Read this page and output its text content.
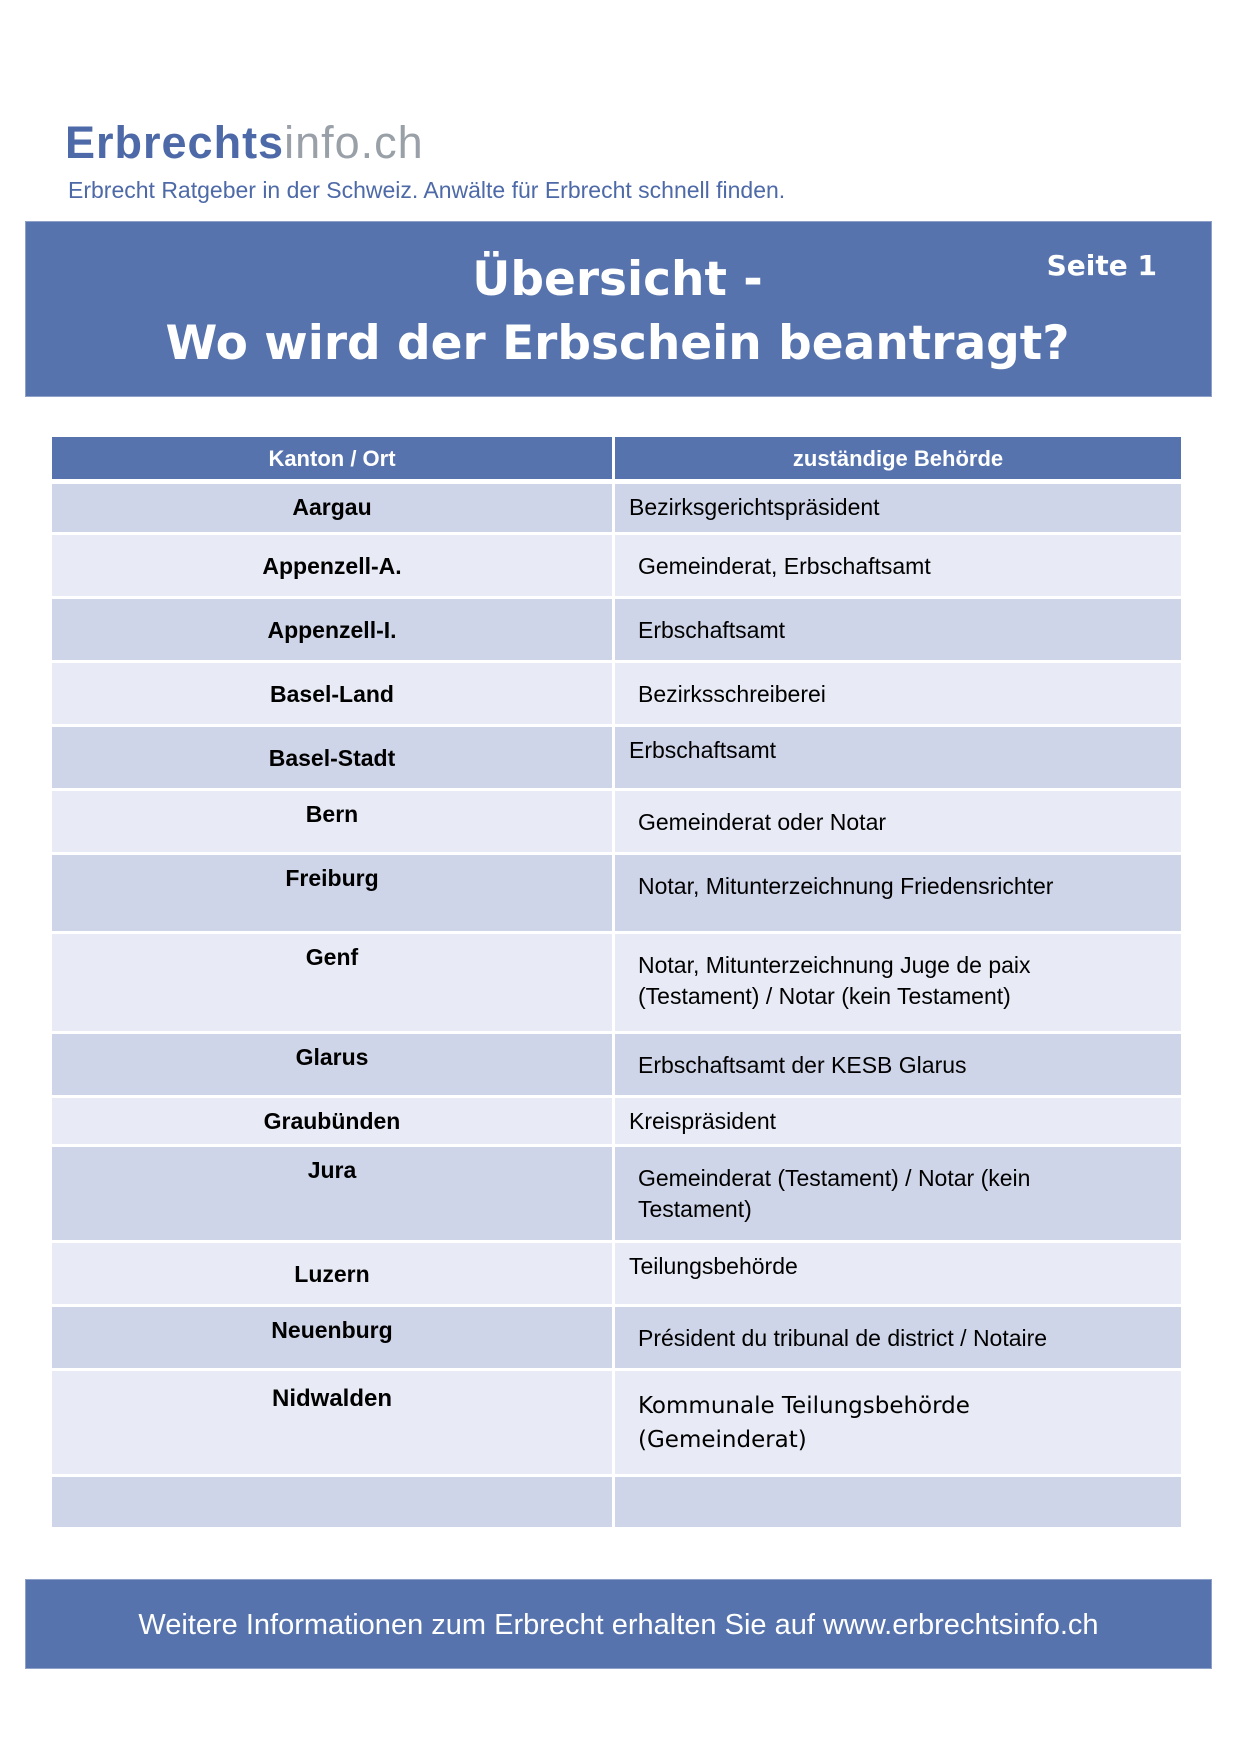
Erbrechtsinfo.ch
Erbrecht Ratgeber in der Schweiz. Anwälte für Erbrecht schnell finden.
Übersicht -
Wo wird der Erbschein beantragt?
Seite 1
Kanton / Ort	zuständige Behörde
Aargau	Bezirksgerichtspräsident
Appenzell-A.	Gemeinderat, Erbschaftsamt
Appenzell-I.	Erbschaftsamt
Basel-Land	Bezirksschreiberei
Basel-Stadt	Erbschaftsamt
Bern	Gemeinderat oder Notar
Freiburg	Notar, Mitunterzeichnung Friedensrichter
Genf	Notar, Mitunterzeichnung Juge de paix (Testament) / Notar (kein Testament)
Glarus	Erbschaftsamt der KESB Glarus
Graubünden	Kreispräsident
Jura	Gemeinderat (Testament) / Notar (kein Testament)
Luzern	Teilungsbehörde
Neuenburg	Président du tribunal de district / Notaire
Nidwalden	Kommunale Teilungsbehörde (Gemeinderat)
Weitere Informationen zum Erbrecht erhalten Sie auf www.erbrechtsinfo.ch
